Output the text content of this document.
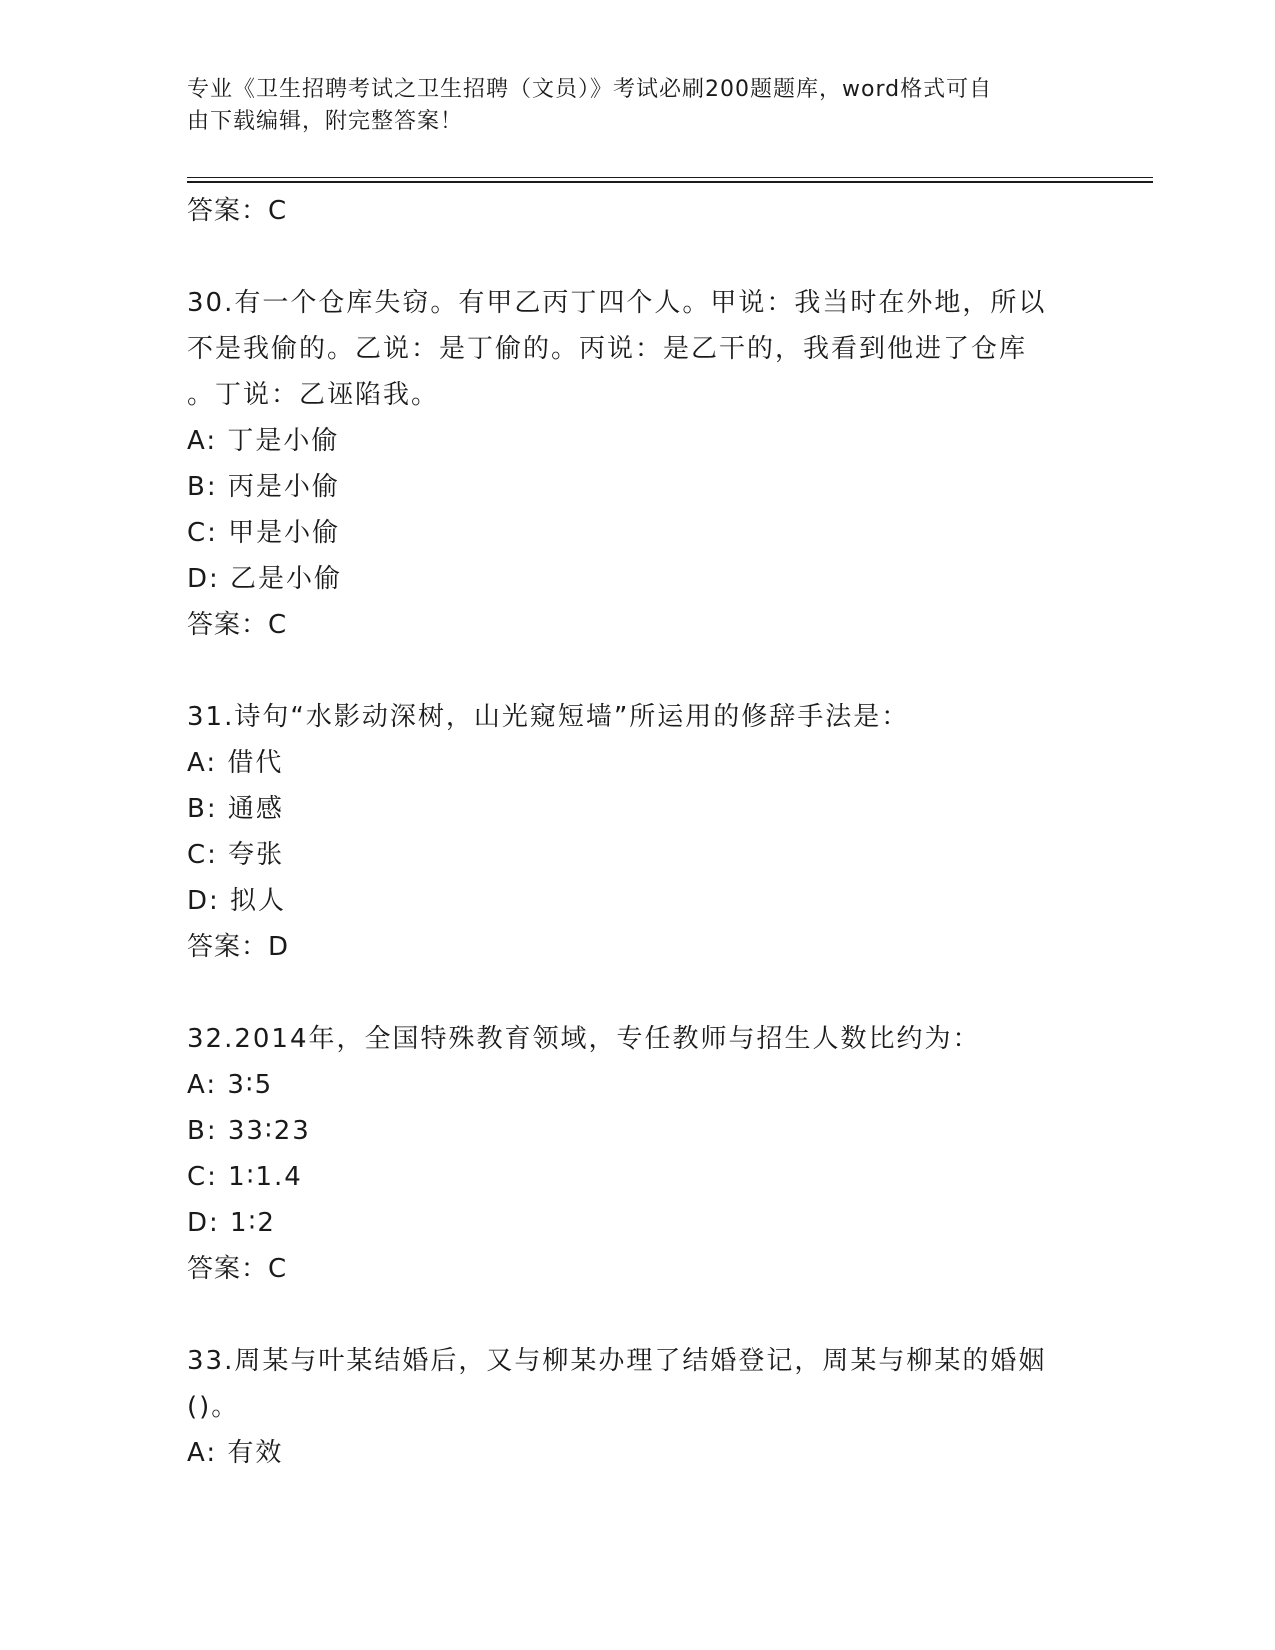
专业《卫生招聘考试之卫生招聘（文员）》考试必刷200题题库，word格式可自
由下载编辑，附完整答案！
答案：C
30.有一个仓库失窃。有甲乙丙丁四个人。甲说：我当时在外地，所以
不是我偷的。乙说：是丁偷的。丙说：是乙干的，我看到他进了仓库
。丁说：乙诬陷我。
A: 丁是小偷
B: 丙是小偷
C: 甲是小偷
D: 乙是小偷
答案：C
31.诗句“水影动深树，山光窥短墙”所运用的修辞手法是：
A: 借代
B: 通感
C: 夸张
D: 拟人
答案：D
32.2014年，全国特殊教育领域，专任教师与招生人数比约为：
A: 3∶5
B: 33∶23
C: 1∶1.4
D: 1∶2
答案：C
33.周某与叶某结婚后，又与柳某办理了结婚登记，周某与柳某的婚姻
()。
A: 有效
